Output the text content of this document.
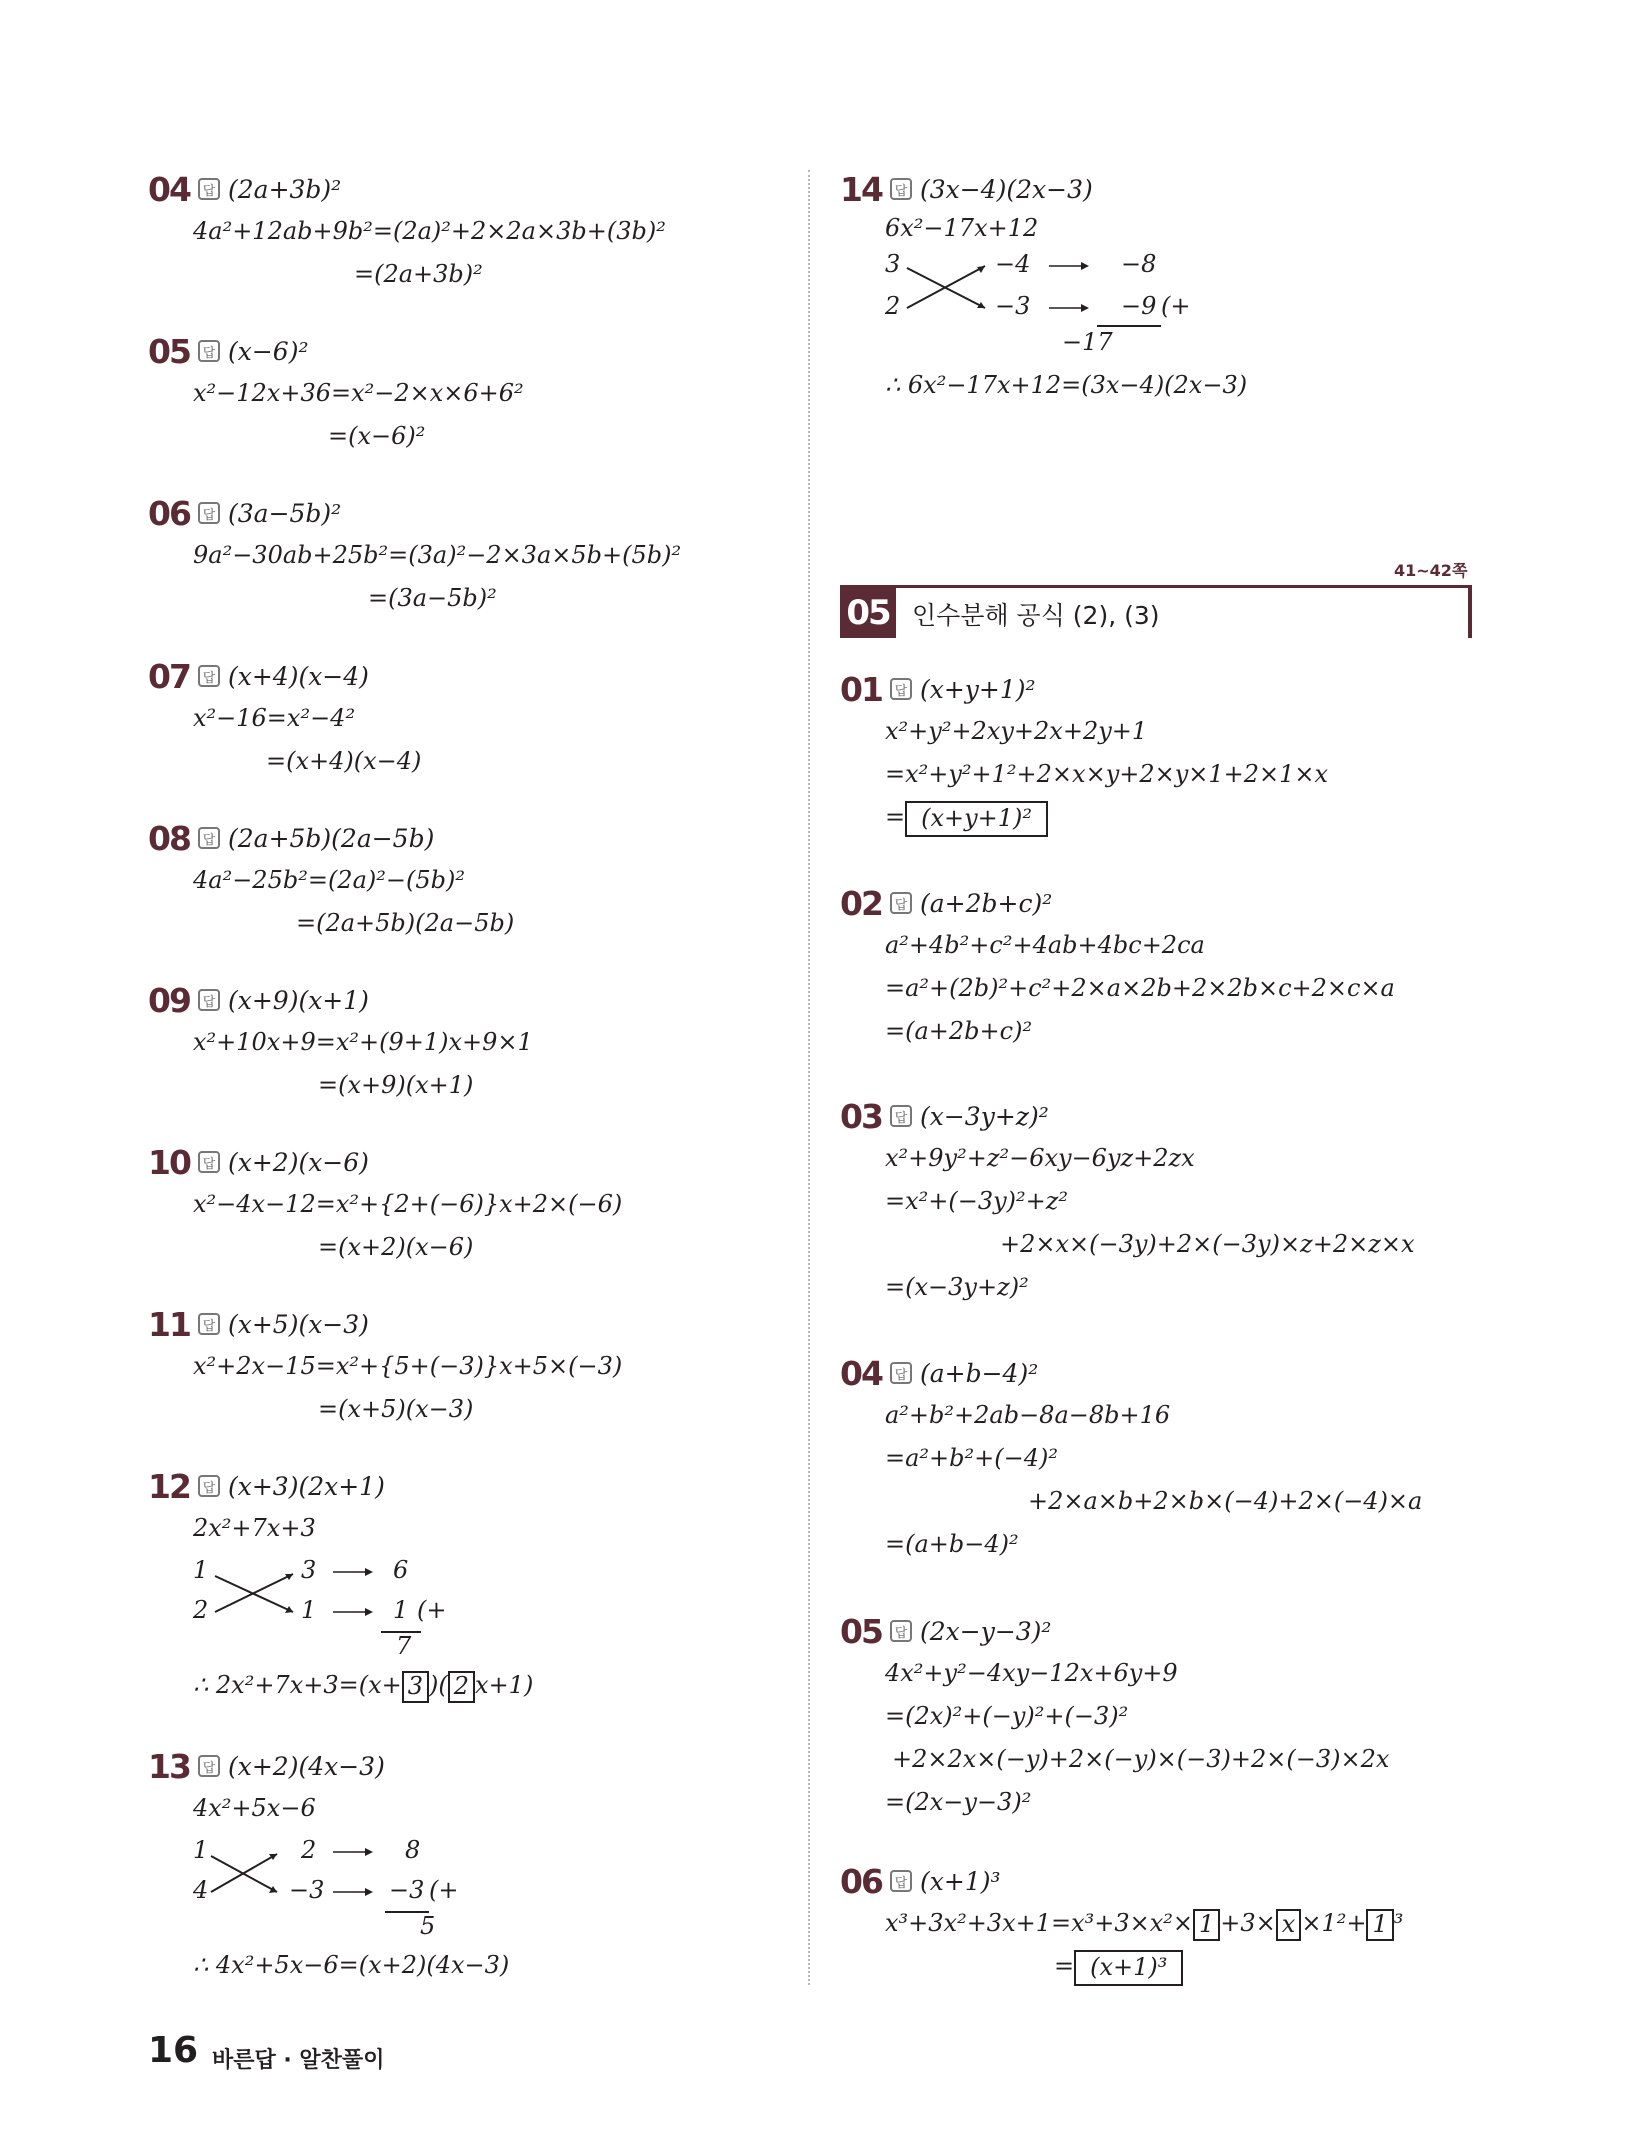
04 답 (2a+3b)²
4a²+12ab+9b²=(2a)²+2×2a×3b+(3b)²
=(2a+3b)²
05 답 (x−6)²
x²−12x+36=x²−2×x×6+6²
=(x−6)²
06 답 (3a−5b)²
9a²−30ab+25b²=(3a)²−2×3a×5b+(5b)²
=(3a−5b)²
07 답 (x+4)(x−4)
x²−16=x²−4²
=(x+4)(x−4)
08 답 (2a+5b)(2a−5b)
4a²−25b²=(2a)²−(5b)²
=(2a+5b)(2a−5b)
09 답 (x+9)(x+1)
x²+10x+9=x²+(9+1)x+9×1
=(x+9)(x+1)
10 답 (x+2)(x−6)
x²−4x−12=x²+{2+(−6)}x+2×(−6)
=(x+2)(x−6)
11 답 (x+5)(x−3)
x²+2x−15=x²+{5+(−3)}x+5×(−3)
=(x+5)(x−3)
12 답 (x+3)(2x+1)
2x²+7x+3
1
2
3
1
6
1 (+
7
∴ 2x²+7x+3=(x+ 3 )( 2 x+1)
13 답 (x+2)(4x−3)
4x²+5x−6
1
4
2
−3
8
−3 (+
5
∴ 4x²+5x−6=(x+2)(4x−3)
14 답 (3x−4)(2x−3)
6x²−17x+12
3
2
−4
−3
−8
−9 (+
−17
∴ 6x²−17x+12=(3x−4)(2x−3)
41~42쪽
05 인수분해 공식 (2), (3)
01 답 (x+y+1)²
x²+y²+2xy+2x+2y+1
=x²+y²+1²+2×x×y+2×y×1+2×1×x
= (x+y+1)²
02 답 (a+2b+c)²
a²+4b²+c²+4ab+4bc+2ca
=a²+(2b)²+c²+2×a×2b+2×2b×c+2×c×a
=(a+2b+c)²
03 답 (x−3y+z)²
x²+9y²+z²−6xy−6yz+2zx
=x²+(−3y)²+z²
+2×x×(−3y)+2×(−3y)×z+2×z×x
=(x−3y+z)²
04 답 (a+b−4)²
a²+b²+2ab−8a−8b+16
=a²+b²+(−4)²
+2×a×b+2×b×(−4)+2×(−4)×a
=(a+b−4)²
05 답 (2x−y−3)²
4x²+y²−4xy−12x+6y+9
=(2x)²+(−y)²+(−3)²
+2×2x×(−y)+2×(−y)×(−3)+2×(−3)×2x
=(2x−y−3)²
06 답 (x+1)³
x³+3x²+3x+1=x³+3×x²× 1 +3× x ×1²+ 1 ³
= (x+1)³
16 바른답 · 알찬풀이
